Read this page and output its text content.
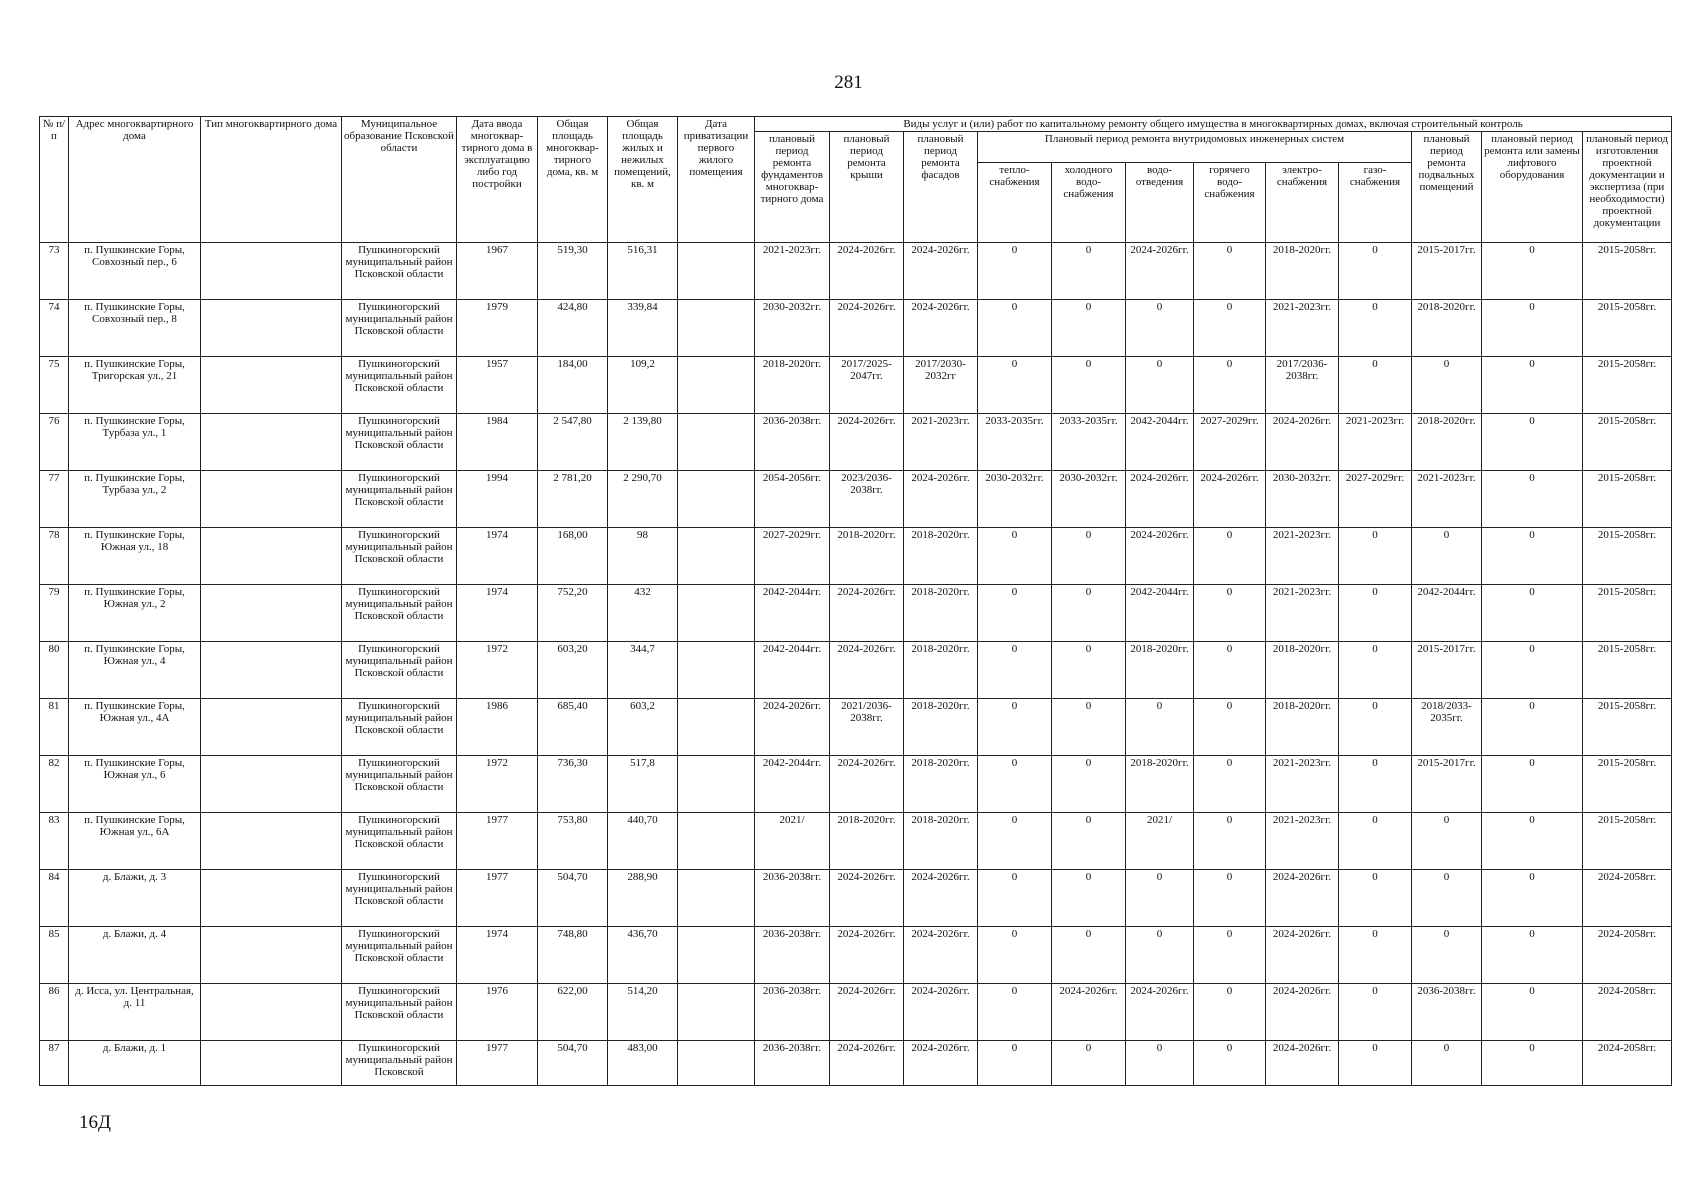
281
№ п/п	Адрес многоквартирного дома	Тип многоквартирного дома	Муниципальное образование Псковской области	Дата ввода многоквар-тирного дома в эксплуатацию либо год постройки	Общая площадь многоквар-тирного дома, кв. м	Общая площадь жилых и нежилых помещений, кв. м	Дата приватизации первого жилого помещения	Виды услуг и (или) работ по капитальному ремонту общего имущества в многоквартирных домах, включая строительный контроль											
								плановый период ремонта фундаментов многоквар-тирного дома	плановый период ремонта крыши	плановый период ремонта фасадов	Плановый период ремонта внутридомовых инженерных систем						плановый период ремонта подвальных помещений	плановый период ремонта или замены лифтового оборудования	плановый период изготовления проектной документации и экспертиза (при необходимости) проектной документации
											тепло-снабжения	холодного водо-снабжения	водо-отведения	горячего водо-снабжения	электро-снабжения	газо-снабжения			
73	п. Пушкинские Горы, Совхозный пер., 6		Пушкиногорский муниципальный район Псковской области	1967	519,30	516,31		2021-2023гг.	2024-2026гг.	2024-2026гг.	0	0	2024-2026гг.	0	2018-2020гг.	0	2015-2017гг.	0	2015-2058гг.
74	п. Пушкинские Горы, Совхозный пер., 8		Пушкиногорский муниципальный район Псковской области	1979	424,80	339,84		2030-2032гг.	2024-2026гг.	2024-2026гг.	0	0	0	0	2021-2023гг.	0	2018-2020гг.	0	2015-2058гг.
75	п. Пушкинские Горы, Тригорская ул., 21		Пушкиногорский муниципальный район Псковской области	1957	184,00	109,2		2018-2020гг.	2017/2025-2047гг.	2017/2030-2032гг	0	0	0	0	2017/2036-2038гг.	0	0	0	2015-2058гг.
76	п. Пушкинские Горы, Турбаза ул., 1		Пушкиногорский муниципальный район Псковской области	1984	2 547,80	2 139,80		2036-2038гг.	2024-2026гг.	2021-2023гг.	2033-2035гг.	2033-2035гг.	2042-2044гг.	2027-2029гг.	2024-2026гг.	2021-2023гг.	2018-2020гг.	0	2015-2058гг.
77	п. Пушкинские Горы, Турбаза ул., 2		Пушкиногорский муниципальный район Псковской области	1994	2 781,20	2 290,70		2054-2056гг.	2023/2036-2038гг.	2024-2026гг.	2030-2032гг.	2030-2032гг.	2024-2026гг.	2024-2026гг.	2030-2032гг.	2027-2029гг.	2021-2023гг.	0	2015-2058гг.
78	п. Пушкинские Горы, Южная ул., 18		Пушкиногорский муниципальный район Псковской области	1974	168,00	98		2027-2029гг.	2018-2020гг.	2018-2020гг.	0	0	2024-2026гг.	0	2021-2023гг.	0	0	0	2015-2058гг.
79	п. Пушкинские Горы, Южная ул., 2		Пушкиногорский муниципальный район Псковской области	1974	752,20	432		2042-2044гг.	2024-2026гг.	2018-2020гг.	0	0	2042-2044гг.	0	2021-2023гг.	0	2042-2044гг.	0	2015-2058гг.
80	п. Пушкинские Горы, Южная ул., 4		Пушкиногорский муниципальный район Псковской области	1972	603,20	344,7		2042-2044гг.	2024-2026гг.	2018-2020гг.	0	0	2018-2020гг.	0	2018-2020гг.	0	2015-2017гг.	0	2015-2058гг.
81	п. Пушкинские Горы, Южная ул., 4А		Пушкиногорский муниципальный район Псковской области	1986	685,40	603,2		2024-2026гг.	2021/2036-2038гг.	2018-2020гг.	0	0	0	0	2018-2020гг.	0	2018/2033-2035гг.	0	2015-2058гг.
82	п. Пушкинские Горы, Южная ул., 6		Пушкиногорский муниципальный район Псковской области	1972	736,30	517,8		2042-2044гг.	2024-2026гг.	2018-2020гг.	0	0	2018-2020гг.	0	2021-2023гг.	0	2015-2017гг.	0	2015-2058гг.
83	п. Пушкинские Горы, Южная ул., 6А		Пушкиногорский муниципальный район Псковской области	1977	753,80	440,70		2021/	2018-2020гг.	2018-2020гг.	0	0	2021/	0	2021-2023гг.	0	0	0	2015-2058гг.
84	д. Блажи, д. 3		Пушкиногорский муниципальный район Псковской области	1977	504,70	288,90		2036-2038гг.	2024-2026гг.	2024-2026гг.	0	0	0	0	2024-2026гг.	0	0	0	2024-2058гг.
85	д. Блажи, д. 4		Пушкиногорский муниципальный район Псковской области	1974	748,80	436,70		2036-2038гг.	2024-2026гг.	2024-2026гг.	0	0	0	0	2024-2026гг.	0	0	0	2024-2058гг.
86	д. Исса, ул. Центральная, д. 11		Пушкиногорский муниципальный район Псковской области	1976	622,00	514,20		2036-2038гг.	2024-2026гг.	2024-2026гг.	0	2024-2026гг.	2024-2026гг.	0	2024-2026гг.	0	2036-2038гг.	0	2024-2058гг.
87	д. Блажи, д. 1		Пушкиногорский муниципальный район Псковской	1977	504,70	483,00		2036-2038гг.	2024-2026гг.	2024-2026гг.	0	0	0	0	2024-2026гг.	0	0	0	2024-2058гг.
16Д
